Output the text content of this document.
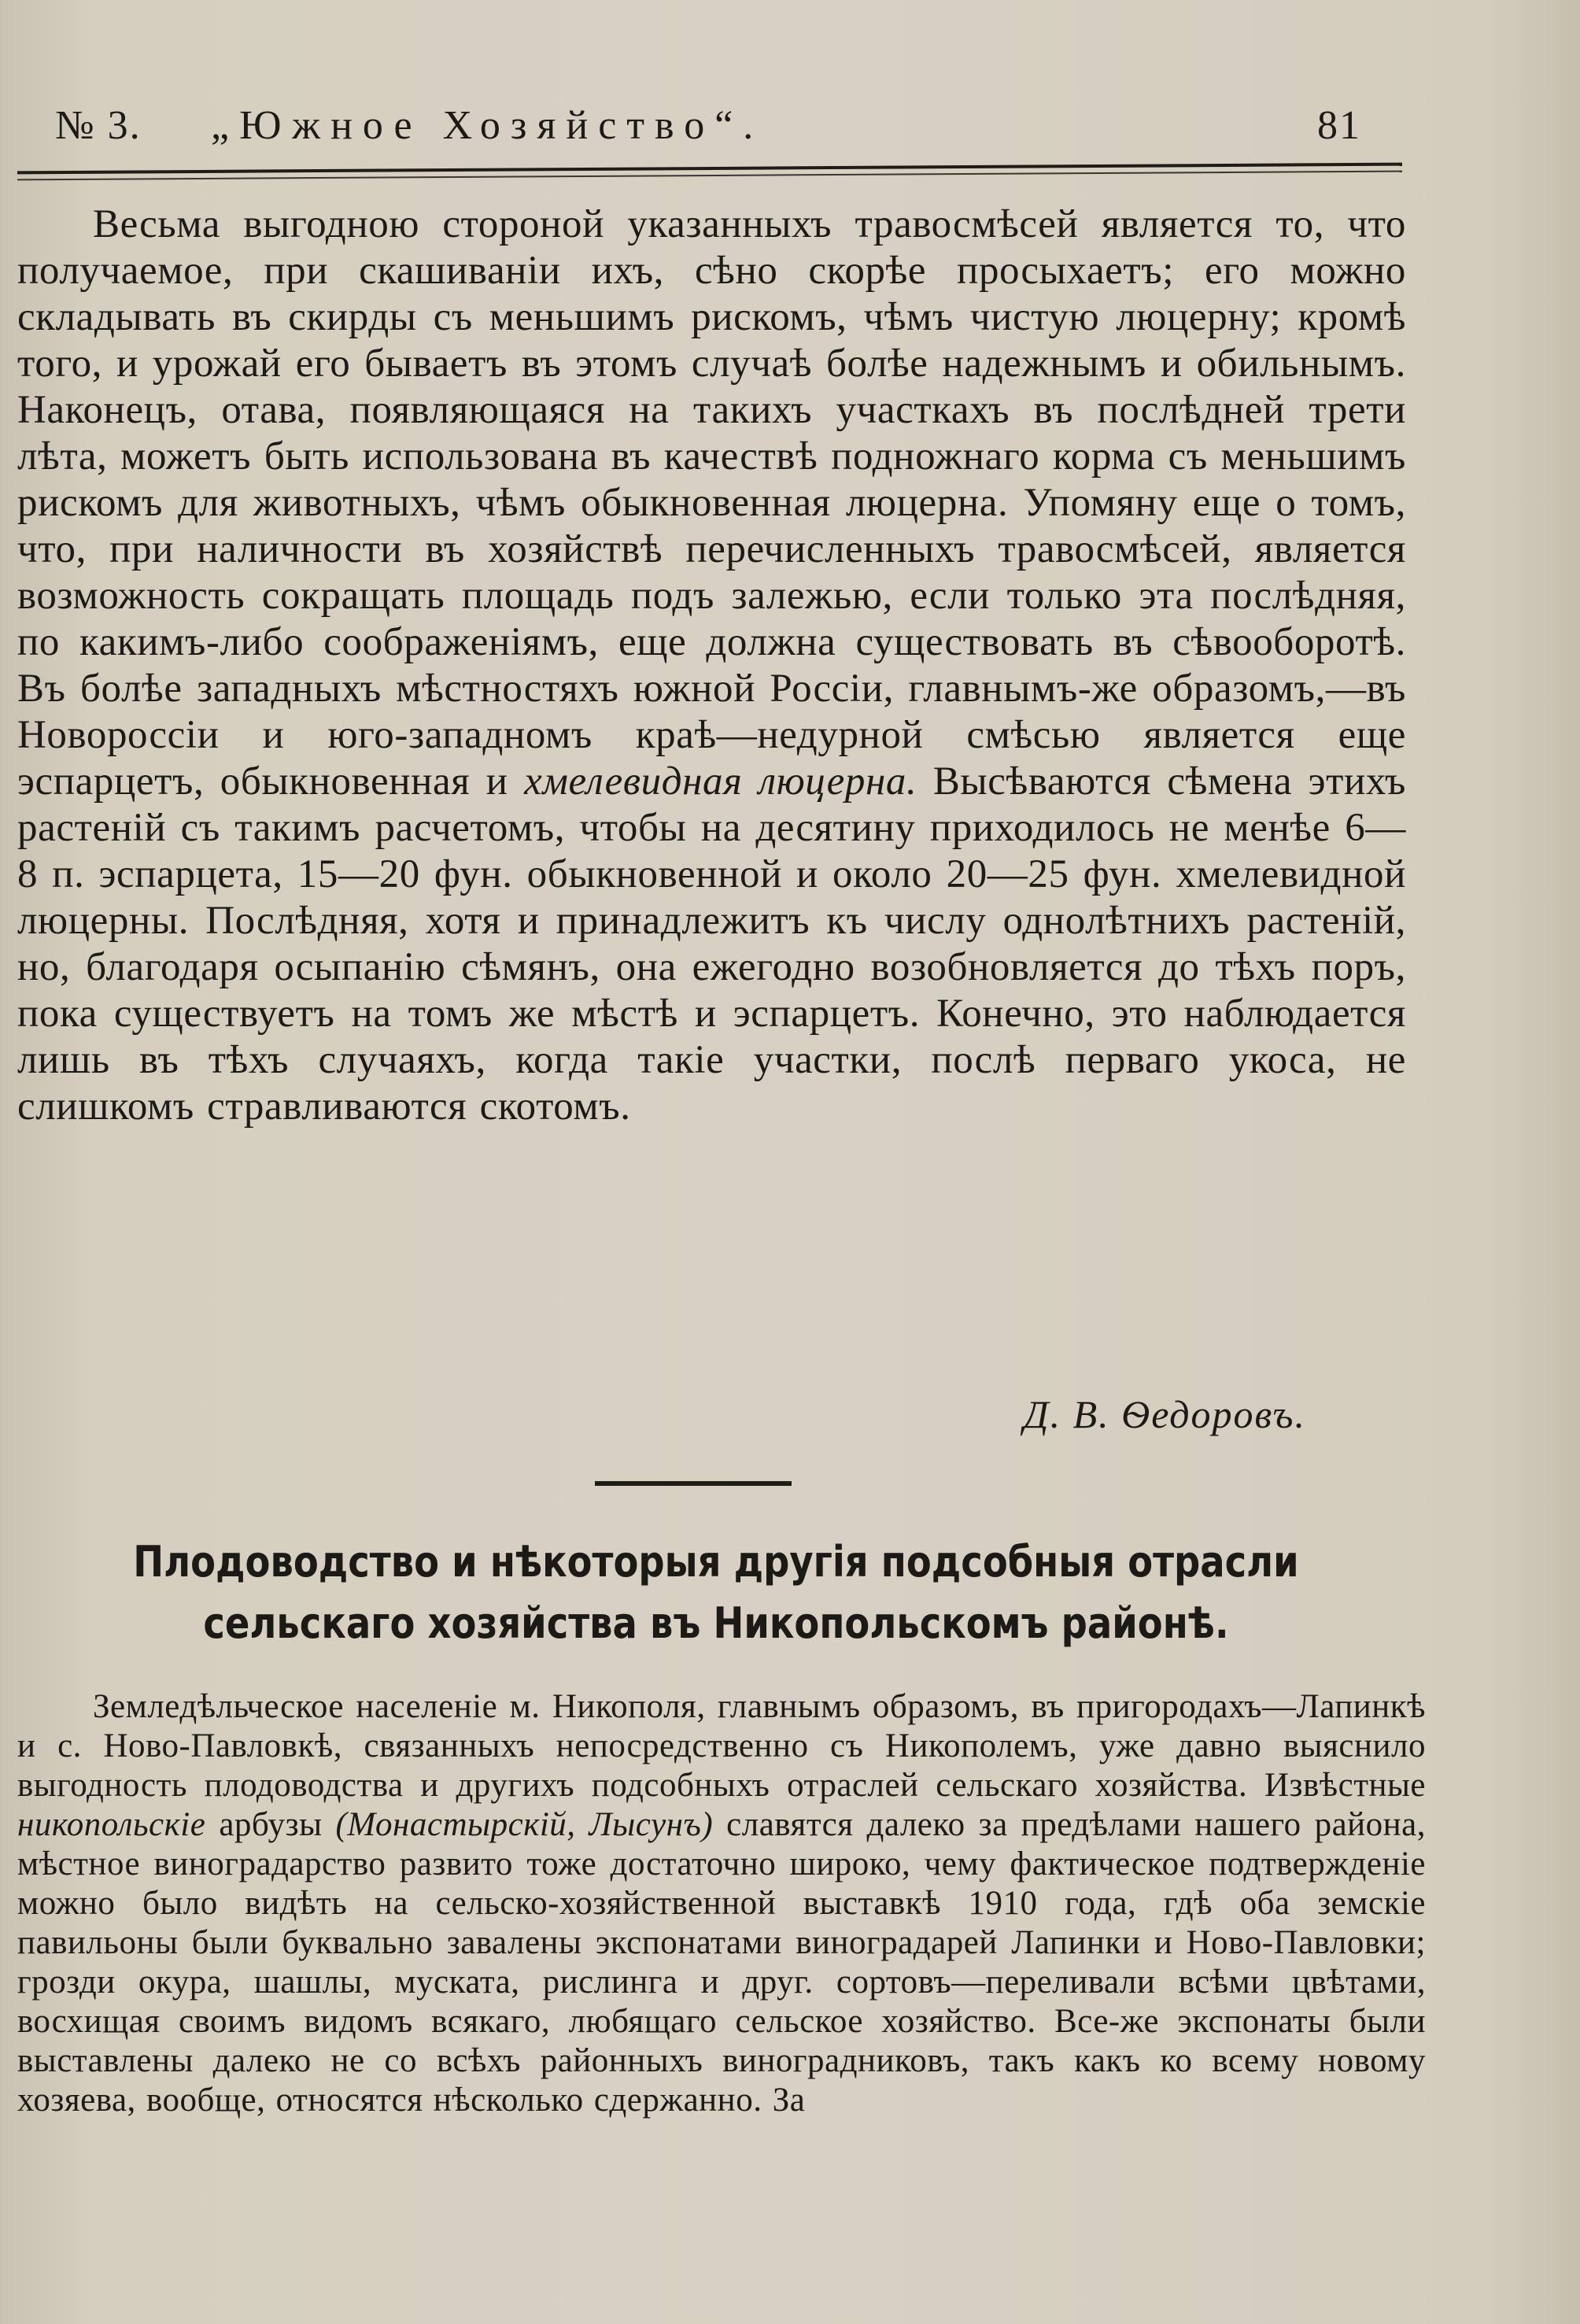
№ 3.	„Южное Хозяйство“.	81

Весьма выгодною стороной указанныхъ травосмѣсей является то, что получаемое, при скашиванiи ихъ, сѣно скорѣе просыхаетъ; его можно складывать въ скирды съ меньшимъ рискомъ, чѣмъ чистую люцерну; кромѣ того, и урожай его бываетъ въ этомъ случаѣ болѣе надежнымъ и обильнымъ. Наконецъ, отава, появляющаяся на такихъ участкахъ въ послѣдней трети лѣта, можетъ быть использована въ качествѣ подножнаго корма съ меньшимъ рискомъ для животныхъ, чѣмъ обыкновенная люцерна. Упомяну еще о томъ, что, при наличности въ хозяйствѣ перечисленныхъ травосмѣсей, является возможность сокращать площадь подъ залежью, если только эта послѣдняя, по какимъ-либо соображенiямъ, еще должна существовать въ сѣвооборотѣ. Въ болѣе западныхъ мѣстностяхъ южной Россiи, главнымъ-же образомъ,—въ Новороссiи и юго-западномъ краѣ—недурной смѣсью является еще эспарцетъ, обыкновенная и хмелевидная люцерна. Высѣваются сѣмена этихъ растенiй съ такимъ расчетомъ, чтобы на десятину приходилось не менѣе 6—8 п. эспарцета, 15—20 фун. обыкновенной и около 20—25 фун. хмелевидной люцерны. Послѣдняя, хотя и принадлежитъ къ числу однолѣтнихъ растенiй, но, благодаря осыпанiю сѣмянъ, она ежегодно возобновляется до тѣхъ поръ, пока существуетъ на томъ же мѣстѣ и эспарцетъ. Конечно, это наблюдается лишь въ тѣхъ случаяхъ, когда такiе участки, послѣ перваго укоса, не слишкомъ стравливаются скотомъ.

Д. В. Ѳедоровъ.
Плодоводство и нѣкоторыя другiя подсобныя отрасли
сельскаго хозяйства въ Никопольскомъ районѣ.

Земледѣльческое населенiе м. Никополя, главнымъ образомъ, въ пригородахъ—Лапинкѣ и с. Ново-Павловкѣ, связанныхъ непосредственно съ Никополемъ, уже давно выяснило выгодность плодоводства и другихъ подсобныхъ отраслей сельскаго хозяйства. Извѣстные никопольскiе арбузы (Монастырскiй, Лысунъ) славятся далеко за предѣлами нашего района, мѣстное виноградарство развито тоже достаточно широко, чему фактическое подтвержденiе можно было видѣть на сельско-хозяйственной выставкѣ 1910 года, гдѣ оба земскiе павильоны были буквально завалены экспонатами виноградарей Лапинки и Ново-Павловки; грозди окура, шашлы, муската, рислинга и друг. сортовъ—переливали всѣми цвѣтами, восхищая своимъ видомъ всякаго, любящаго сельское хозяйство. Все-же экспонаты были выставлены далеко не со всѣхъ районныхъ виноградниковъ, такъ какъ ко всему новому хозяева, вообще, относятся нѣсколько сдержанно. За
